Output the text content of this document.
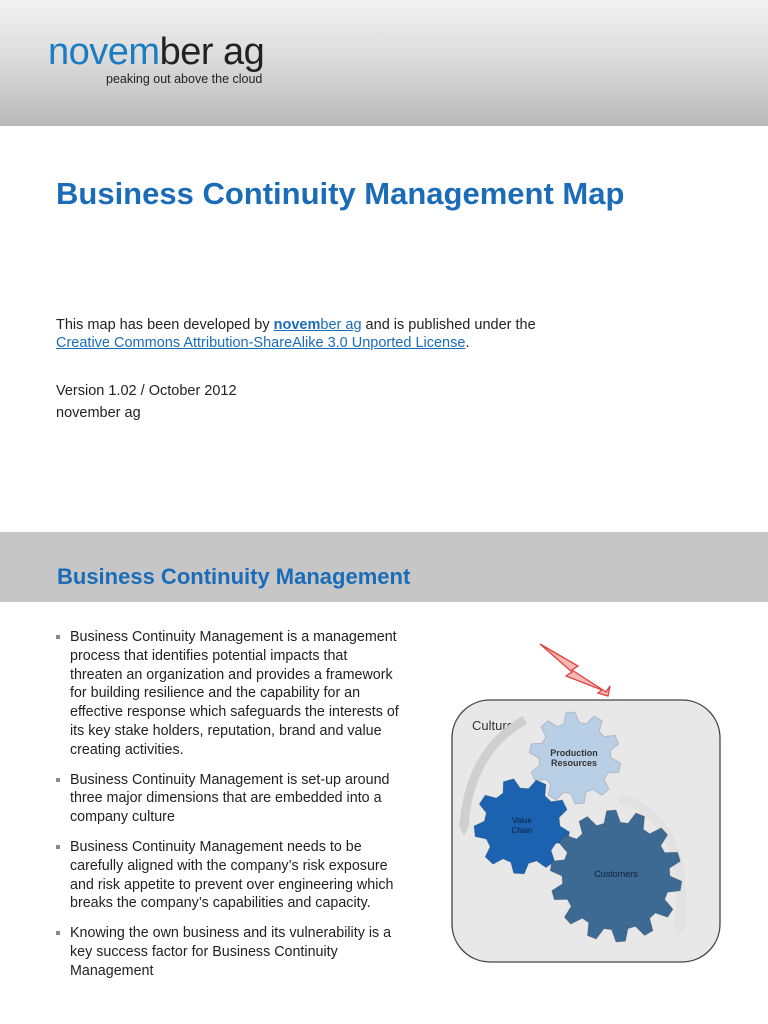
november ag
peaking out above the cloud
Business Continuity Management Map
This map has been developed by november ag and is published under the
Creative Commons Attribution-ShareAlike 3.0 Unported License.
Version 1.02 / October 2012
november ag
Business Continuity Management
Business Continuity Management is a management process that identifies potential impacts that threaten an organization and provides a framework for building resilience and the capability for an effective response which safeguards the interests of its key stake holders, reputation, brand and value creating activities.
Business Continuity Management is set-up around three major dimensions that are embedded into a company culture
Business Continuity Management needs to be carefully aligned with the company’s risk exposure and risk appetite to prevent over engineering which breaks the company’s capabilities and capacity.
Knowing the own business and its vulnerability is a key success factor for Business Continuity Management
Culture
Production
Resources
Value
Chain
Customers
